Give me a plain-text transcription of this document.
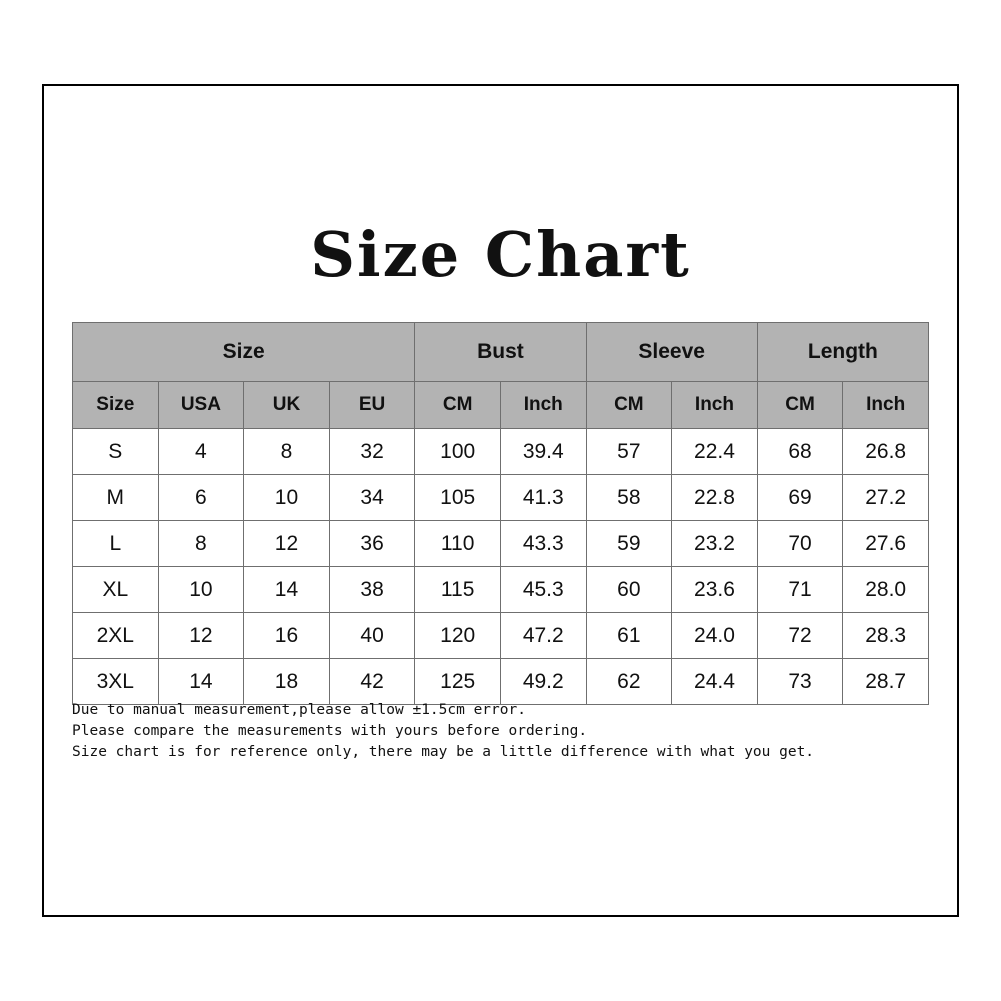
Size Chart
Size				Bust		Sleeve		Length	
Size	USA	UK	EU	CM	Inch	CM	Inch	CM	Inch
S	4	8	32	100	39.4	57	22.4	68	26.8
M	6	10	34	105	41.3	58	22.8	69	27.2
L	8	12	36	110	43.3	59	23.2	70	27.6
XL	10	14	38	115	45.3	60	23.6	71	28.0
2XL	12	16	40	120	47.2	61	24.0	72	28.3
3XL	14	18	42	125	49.2	62	24.4	73	28.7
Due to manual measurement,please allow ±1.5cm error.
Please compare the measurements with yours before ordering.
Size chart is for reference only, there may be a little difference with what you get.
